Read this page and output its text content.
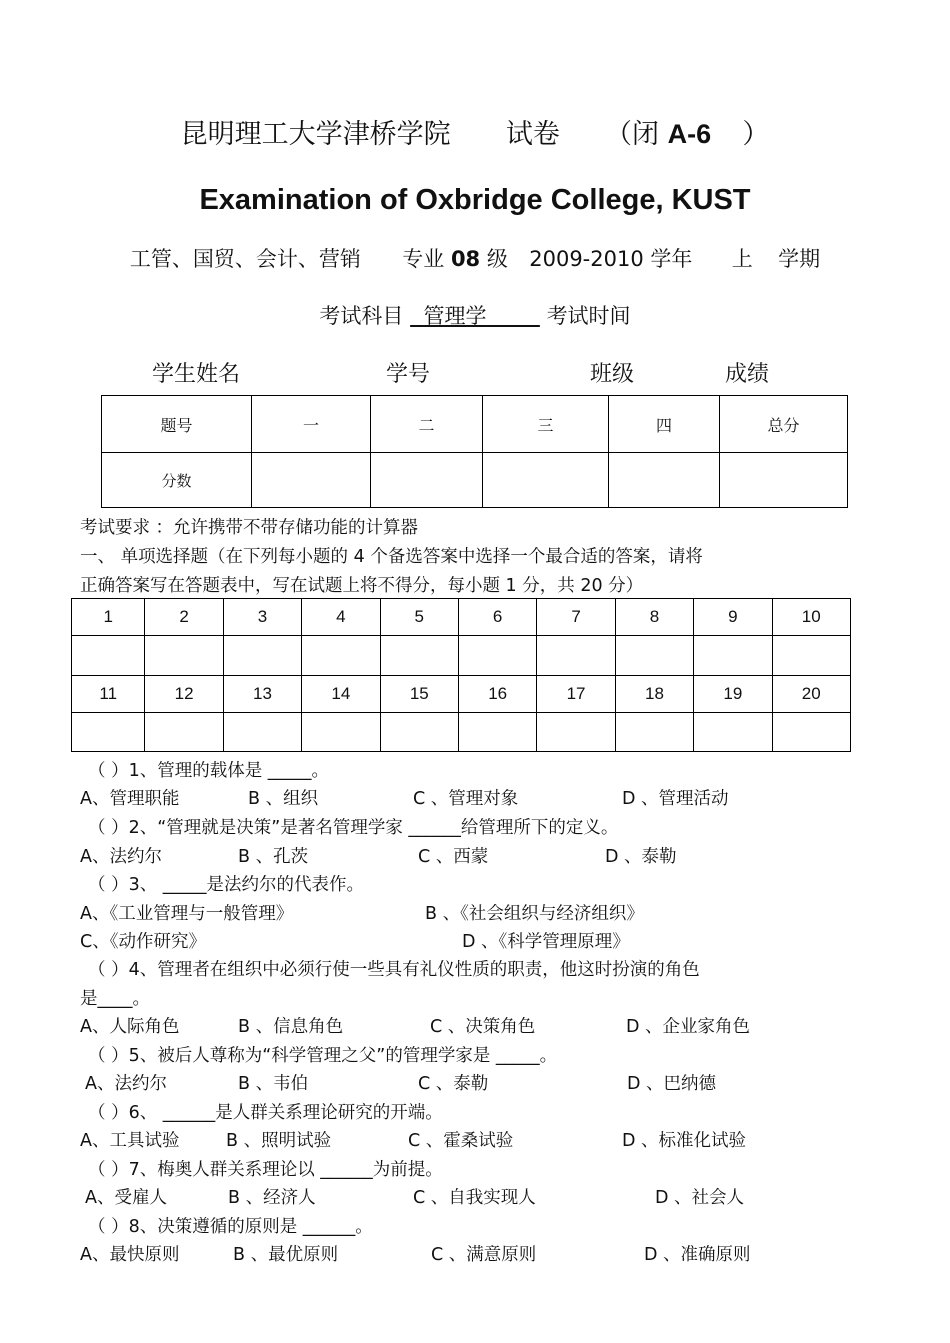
昆明理工大学津桥学院 试卷 （闭 A-6 ）
Examination of Oxbridge College, KUST
工管、国贸、会计、营销 专业 08 级 2009-2010 学年 上 学期
考试科目 管理学	考试时间
学生姓名	学号	班级	成绩
题号	一	二	三	四	总分
分数					
考试要求 ：允许携带不带存储功能的计算器
一、 单项选择题（在下列每小题的 4 个备选答案中选择一个最合适的答案，请将
正确答案写在答题表中，写在试题上将不得分，每小题 1 分，共 20 分）
1	2	3	4	5	6	7	8	9	10

11	12	13	14	15	16	17	18	19	20

（ ）1、管理的载体是 _____。
A、管理职能	B 、组织	C 、管理对象	D 、管理活动
（ ）2、“管理就是决策”是著名管理学家 ______给管理所下的定义。
A、法约尔	B 、孔茨	C 、西蒙	D 、泰勒
（ ）3、 _____是法约尔的代表作。
A、《工业管理与一般管理》	B 、《社会组织与经济组织》
C、《动作研究》	D 、《科学管理原理》
（ ）4、管理者在组织中必须行使一些具有礼仪性质的职责，他这时扮演的角色
是____。
A、人际角色	B 、信息角色	C 、决策角色	D 、企业家角色
（ ）5、被后人尊称为“科学管理之父”的管理学家是 _____。
A、法约尔	B 、韦伯	C 、泰勒	D 、巴纳德
（ ）6、 ______是人群关系理论研究的开端。
A、工具试验	B 、照明试验	C 、霍桑试验	D 、标准化试验
（ ）7、梅奥人群关系理论以 ______为前提。
A、受雇人	B 、经济人	C 、自我实现人	D 、社会人
（ ）8、决策遵循的原则是 ______。
A、最快原则	B 、最优原则	C 、满意原则	D 、准确原则
